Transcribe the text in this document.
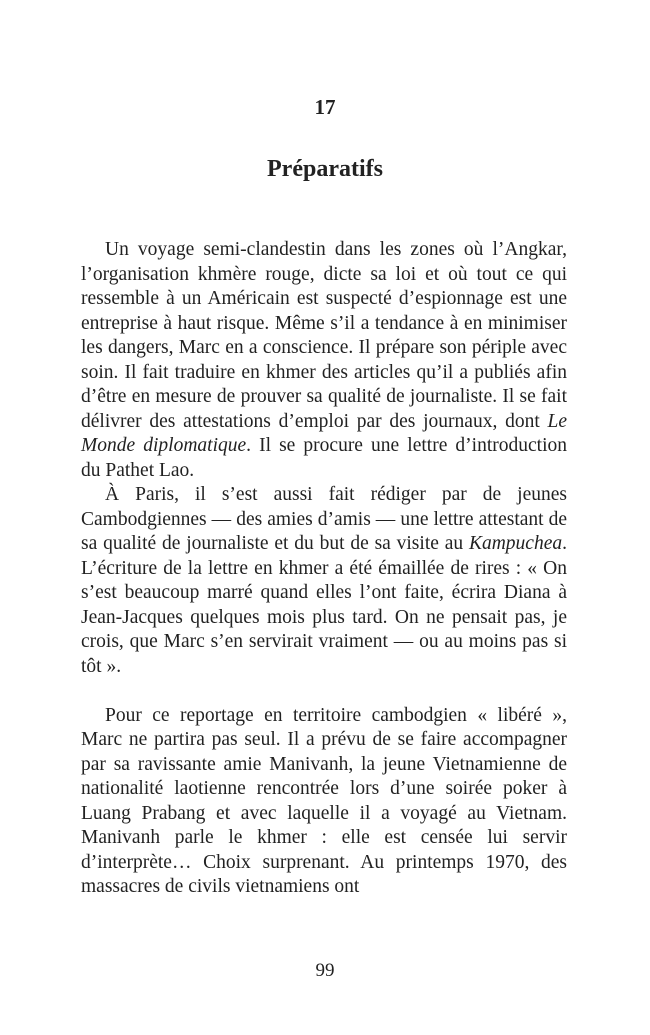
17
Préparatifs

Un voyage semi-clandestin dans les zones où l’Angkar, l’organisation khmère rouge, dicte sa loi et où tout ce qui ressemble à un Américain est suspecté d’espionnage est une entreprise à haut risque. Même s’il a tendance à en minimiser les dangers, Marc en a conscience. Il prépare son périple avec soin. Il fait traduire en khmer des articles qu’il a publiés afin d’être en mesure de prouver sa qualité de journaliste. Il se fait délivrer des attestations d’emploi par des journaux, dont Le Monde diplomatique. Il se procure une lettre d’introduction du Pathet Lao.

À Paris, il s’est aussi fait rédiger par de jeunes Cambodgiennes — des amies d’amis — une lettre attestant de sa qualité de journaliste et du but de sa visite au Kampuchea. L’écriture de la lettre en khmer a été émaillée de rires : « On s’est beaucoup marré quand elles l’ont faite, écrira Diana à Jean-Jacques quelques mois plus tard. On ne pensait pas, je crois, que Marc s’en servirait vraiment — ou au moins pas si tôt ».

Pour ce reportage en territoire cambodgien « libéré », Marc ne partira pas seul. Il a prévu de se faire accompagner par sa ravissante amie Manivanh, la jeune Vietnamienne de nationalité laotienne rencontrée lors d’une soirée poker à Luang Prabang et avec laquelle il a voyagé au Vietnam. Manivanh parle le khmer : elle est censée lui servir d’interprète… Choix surprenant. Au printemps 1970, des massacres de civils vietnamiens ont

99
